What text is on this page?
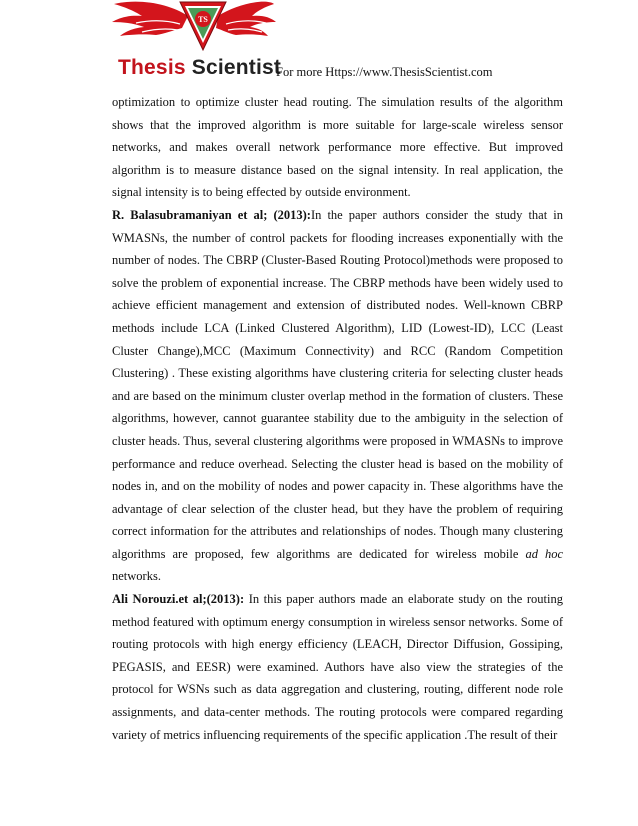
TS
Thesis Scientist
For more Https://www.ThesisScientist.com

optimization to optimize cluster head routing. The simulation results of the algorithm shows that the improved algorithm is more suitable for large-scale wireless sensor networks, and makes overall network performance more effective. But improved algorithm is to measure distance based on the signal intensity. In real application, the signal intensity is to being effected by outside environment.

R. Balasubramaniyan et al; (2013):In the paper authors consider the study that in WMASNs, the number of control packets for flooding increases exponentially with the number of nodes. The CBRP (Cluster-Based Routing Protocol)methods were proposed to solve the problem of exponential increase. The CBRP methods have been widely used to achieve efficient management and extension of distributed nodes. Well-known CBRP methods include LCA (Linked Clustered Algorithm), LID (Lowest-ID), LCC (Least Cluster Change),MCC (Maximum Connectivity) and RCC (Random Competition Clustering) . These existing algorithms have clustering criteria for selecting cluster heads and are based on the minimum cluster overlap method in the formation of clusters. These algorithms, however, cannot guarantee stability due to the ambiguity in the selection of cluster heads. Thus, several clustering algorithms were proposed in WMASNs to improve performance and reduce overhead. Selecting the cluster head is based on the mobility of nodes in, and on the mobility of nodes and power capacity in. These algorithms have the advantage of clear selection of the cluster head, but they have the problem of requiring correct information for the attributes and relationships of nodes. Though many clustering algorithms are proposed, few algorithms are dedicated for wireless mobile ad hoc networks.

Ali Norouzi.et al;(2013): In this paper authors made an elaborate study on the routing method featured with optimum energy consumption in wireless sensor networks. Some of routing protocols with high energy efficiency (LEACH, Director Diffusion, Gossiping, PEGASIS, and EESR) were examined. Authors have also view the strategies of the protocol for WSNs such as data aggregation and clustering, routing, different node role assignments, and data-center methods. The routing protocols were compared regarding variety of metrics influencing requirements of the specific application .The result of their
